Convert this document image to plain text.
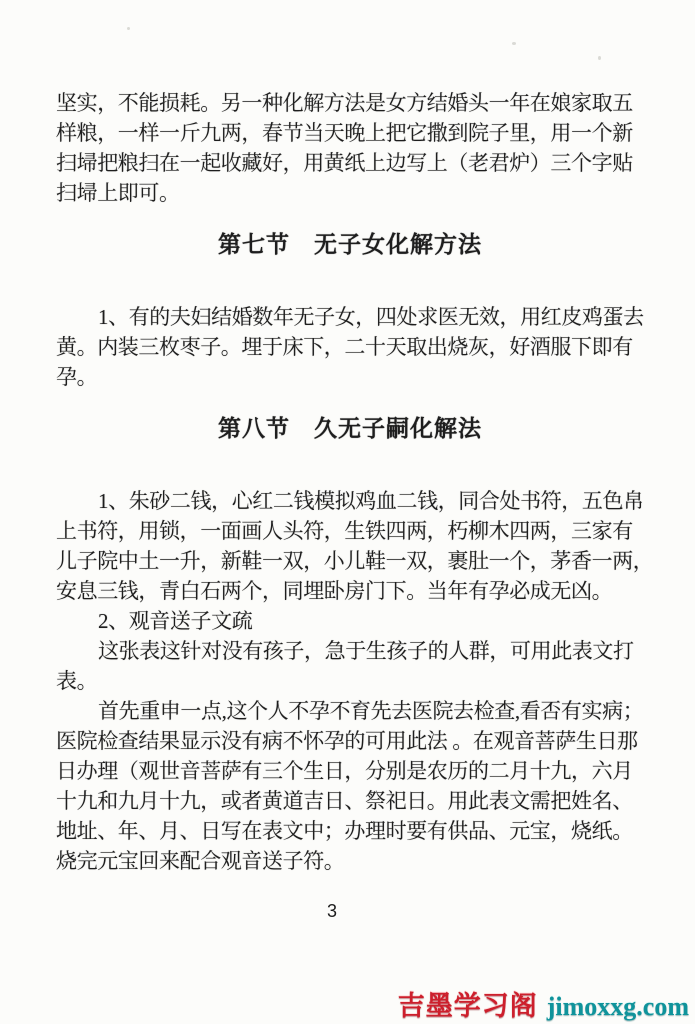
坚实，不能损耗。另一种化解方法是女方结婚头一年在娘家取五
样粮，一样一斤九两，春节当天晚上把它撒到院子里，用一个新
扫埽把粮扫在一起收藏好，用黄纸上边写上（老君炉）三个字贴
扫埽上即可。
第七节　无子女化解方法
1、有的夫妇结婚数年无子女，四处求医无效，用红皮鸡蛋去
黄。内装三枚枣子。埋于床下，二十天取出烧灰，好酒服下即有
孕。
第八节　久无子嗣化解法
1、朱砂二钱，心红二钱模拟鸡血二钱，同合处书符，五色帛
上书符，用锁，一面画人头符，生铁四两，朽柳木四两，三家有
儿子院中土一升，新鞋一双，小儿鞋一双，裹肚一个，茅香一两，
安息三钱，青白石两个，同埋卧房门下。当年有孕必成无凶。
2、观音送子文疏
这张表这针对没有孩子，急于生孩子的人群，可用此表文打
表。
首先重申一点,这个人不孕不育先去医院去检查,看否有实病；
医院检查结果显示没有病不怀孕的可用此法 。在观音菩萨生日那
日办理（观世音菩萨有三个生日，分别是农历的二月十九，六月
十九和九月十九，或者黄道吉日、祭祀日。用此表文需把姓名、
地址、年、月、日写在表文中；办理时要有供品、元宝，烧纸。
烧完元宝回来配合观音送子符。
3
吉墨学习阁 jimoxxg.com
